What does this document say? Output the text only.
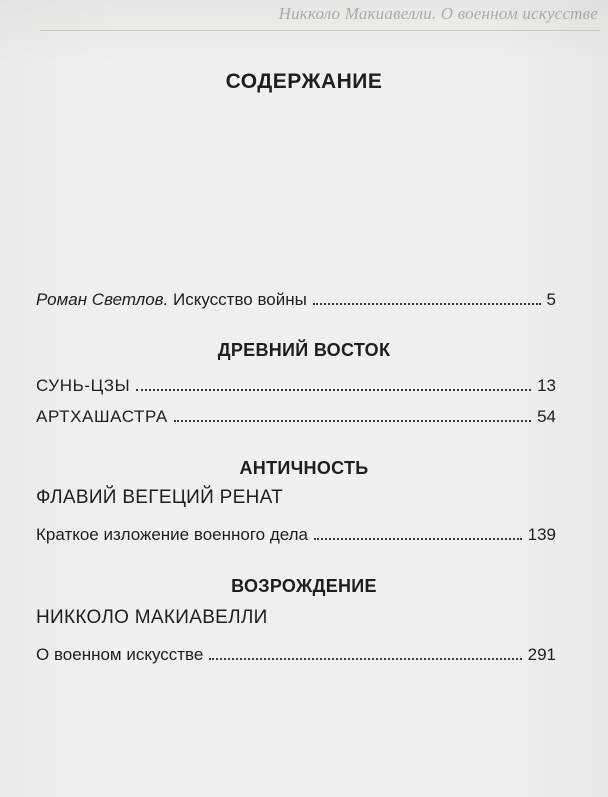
Никколо Макиавелли. О военном искусстве
СОДЕРЖАНИЕ
Роман Светлов. Искусство войны	5
ДРЕВНИЙ ВОСТОК
СУНЬ-ЦЗЫ	13
АРТХАШАСТРА	54
АНТИЧНОСТЬ
ФЛАВИЙ ВЕГЕЦИЙ РЕНАТ
Краткое изложение военного дела	139
ВОЗРОЖДЕНИЕ
НИККОЛО МАКИАВЕЛЛИ
О военном искусстве	291
